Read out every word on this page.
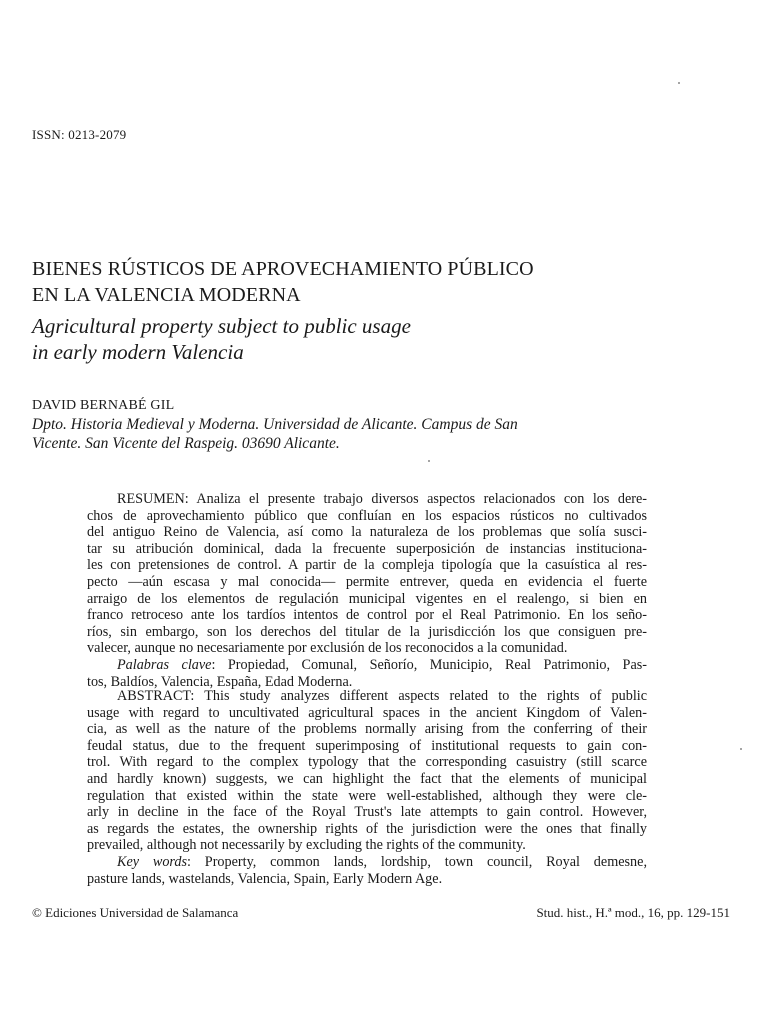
ISSN: 0213-2079
BIENES RÚSTICOS DE APROVECHAMIENTO PÚBLICO
EN LA VALENCIA MODERNA
Agricultural property subject to public usage
in early modern Valencia
DAVID BERNABÉ GIL
Dpto. Historia Medieval y Moderna. Universidad de Alicante. Campus de San
Vicente. San Vicente del Raspeig. 03690 Alicante.
RESUMEN: Analiza el presente trabajo diversos aspectos relacionados con los dere-
chos de aprovechamiento público que confluían en los espacios rústicos no cultivados
del antiguo Reino de Valencia, así como la naturaleza de los problemas que solía susci-
tar su atribución dominical, dada la frecuente superposición de instancias instituciona-
les con pretensiones de control. A partir de la compleja tipología que la casuística al res-
pecto —aún escasa y mal conocida— permite entrever, queda en evidencia el fuerte
arraigo de los elementos de regulación municipal vigentes en el realengo, si bien en
franco retroceso ante los tardíos intentos de control por el Real Patrimonio. En los seño-
ríos, sin embargo, son los derechos del titular de la jurisdicción los que consiguen pre-
valecer, aunque no necesariamente por exclusión de los reconocidos a la comunidad.
Palabras clave: Propiedad, Comunal, Señorío, Municipio, Real Patrimonio, Pas-
tos, Baldíos, Valencia, España, Edad Moderna.
ABSTRACT: This study analyzes different aspects related to the rights of public
usage with regard to uncultivated agricultural spaces in the ancient Kingdom of Valen-
cia, as well as the nature of the problems normally arising from the conferring of their
feudal status, due to the frequent superimposing of institutional requests to gain con-
trol. With regard to the complex typology that the corresponding casuistry (still scarce
and hardly known) suggests, we can highlight the fact that the elements of municipal
regulation that existed within the state were well-established, although they were cle-
arly in decline in the face of the Royal Trust's late attempts to gain control. However,
as regards the estates, the ownership rights of the jurisdiction were the ones that finally
prevailed, although not necessarily by excluding the rights of the community.
Key words: Property, common lands, lordship, town council, Royal demesne,
pasture lands, wastelands, Valencia, Spain, Early Modern Age.
© Ediciones Universidad de Salamanca	Stud. hist., H.ª mod., 16, pp. 129-151
